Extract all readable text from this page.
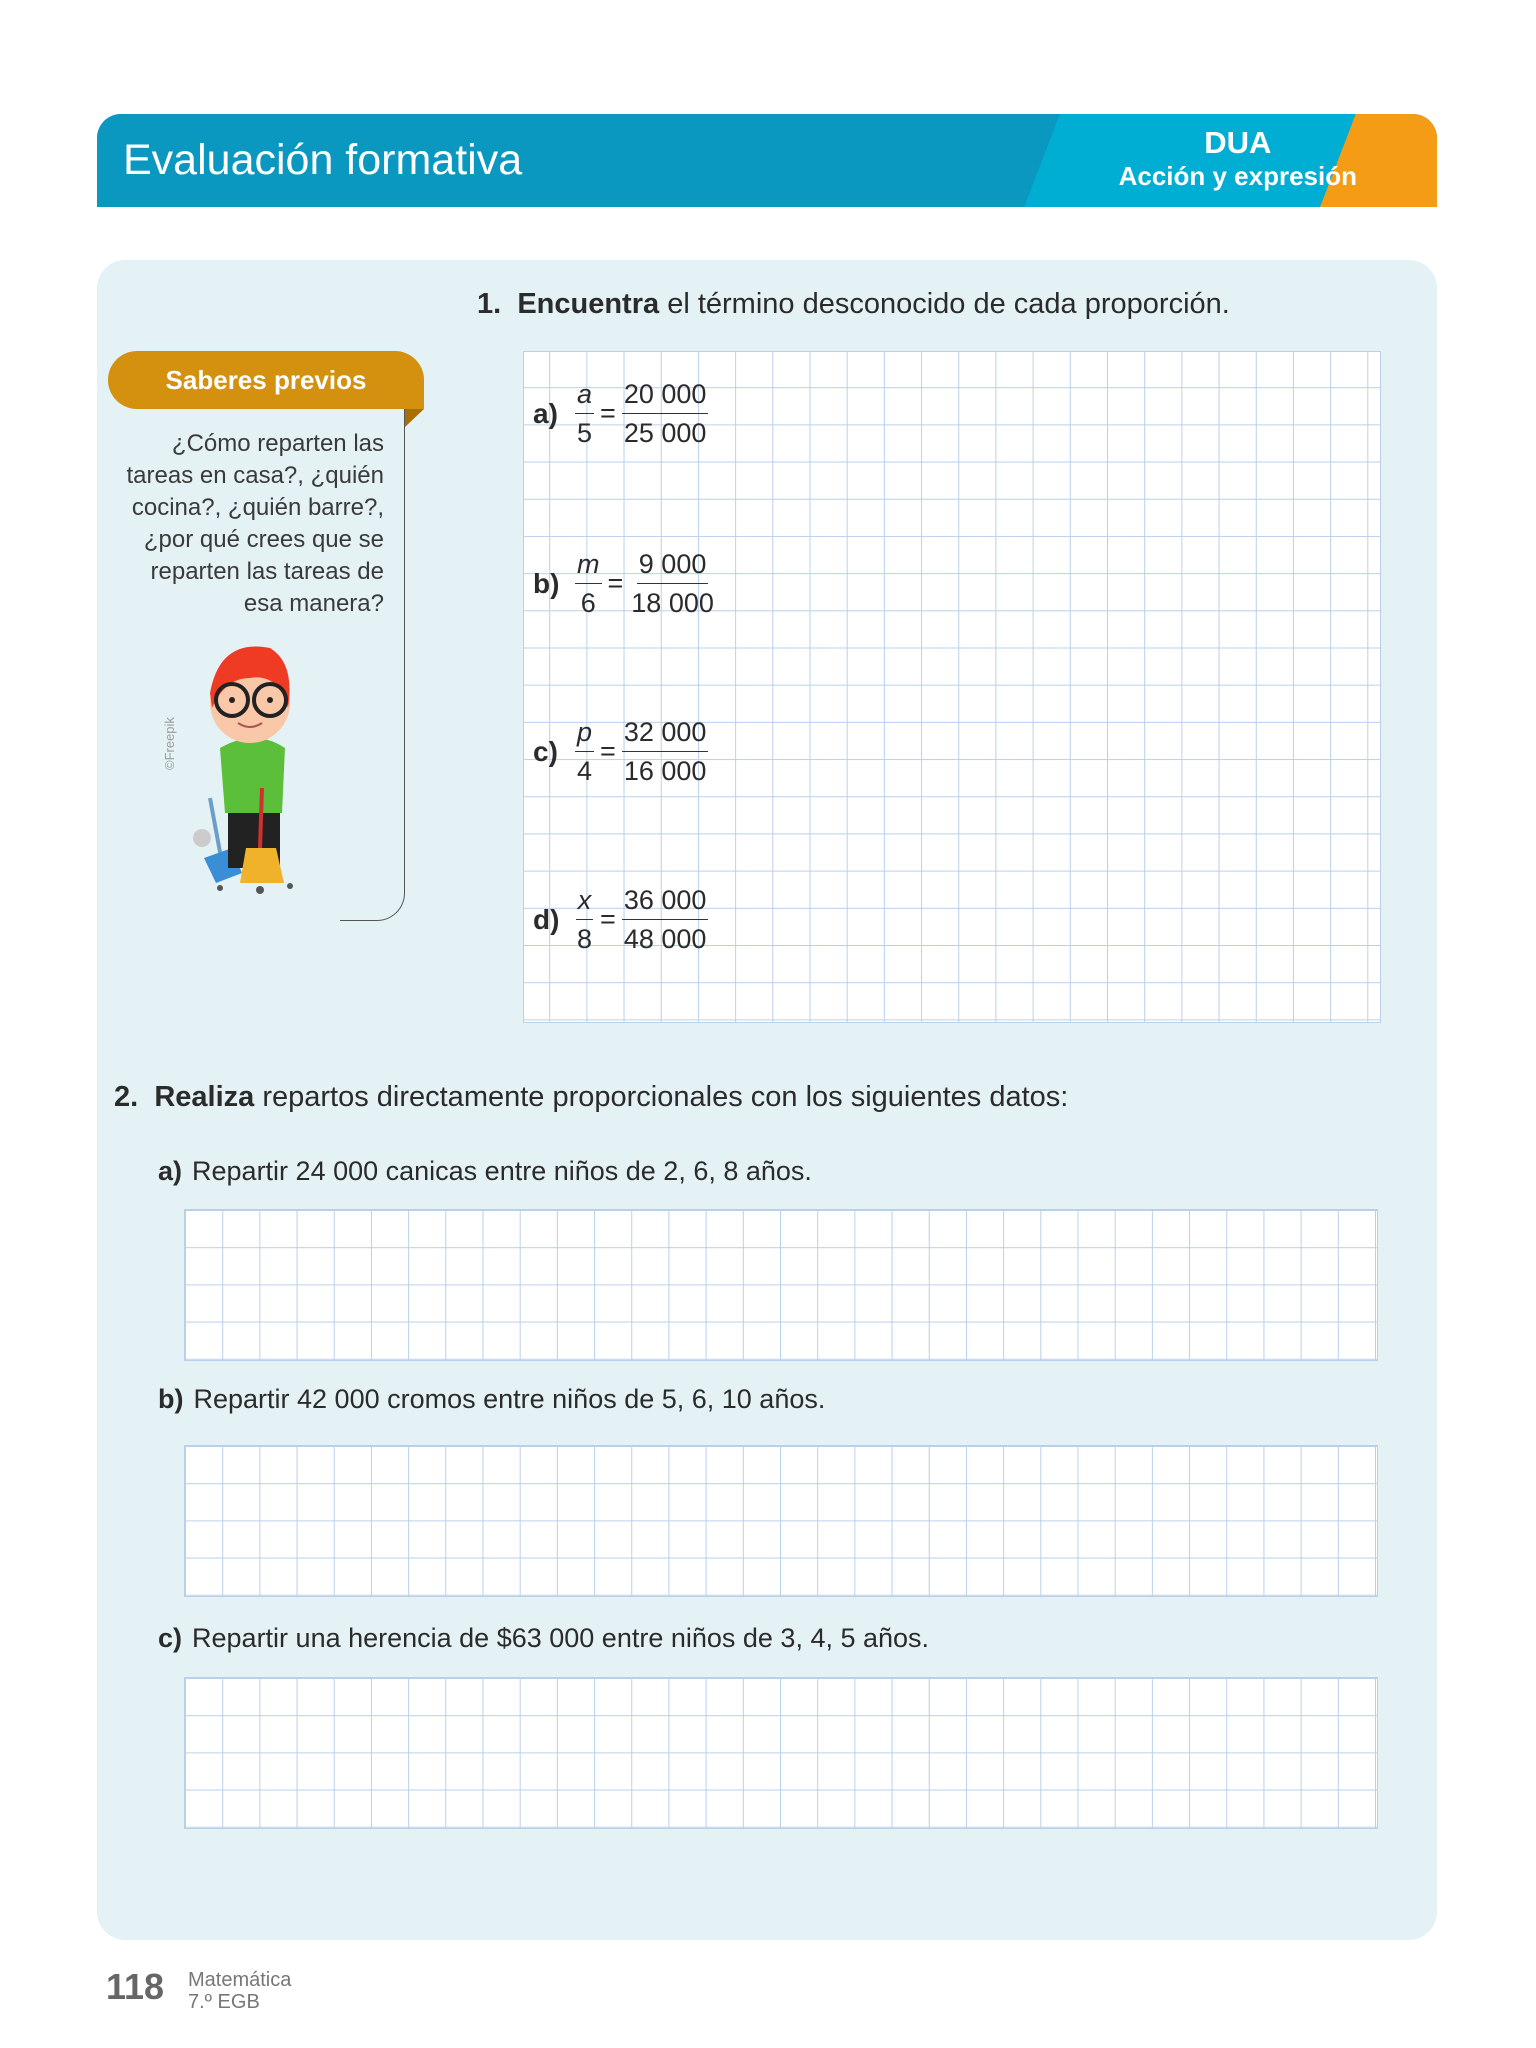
Evaluación formativa	DUA
Acción y expresión
Saberes previos
¿Cómo reparten las tareas en casa?, ¿quién cocina?, ¿quién barre?, ¿por qué crees que se reparten las tareas de esa manera?
©Freepik
1. Encuentra el término desconocido de cada proporción.
$a) \frac{a}{5} = \frac{20 000}{25 000}$
$b) \frac{m}{6} = \frac{9 000}{18 000}$
$c) \frac{p}{4} = \frac{32 000}{16 000}$
$d) \frac{x}{8} = \frac{36 000}{48 000}$
2. Realiza repartos directamente proporcionales con los siguientes datos:
a) Repartir 24 000 canicas entre niños de 2, 6, 8 años.
b) Repartir 42 000 cromos entre niños de 5, 6, 10 años.
c) Repartir una herencia de $63 000 entre niños de 3, 4, 5 años.
118 Matemática
7.º EGB
